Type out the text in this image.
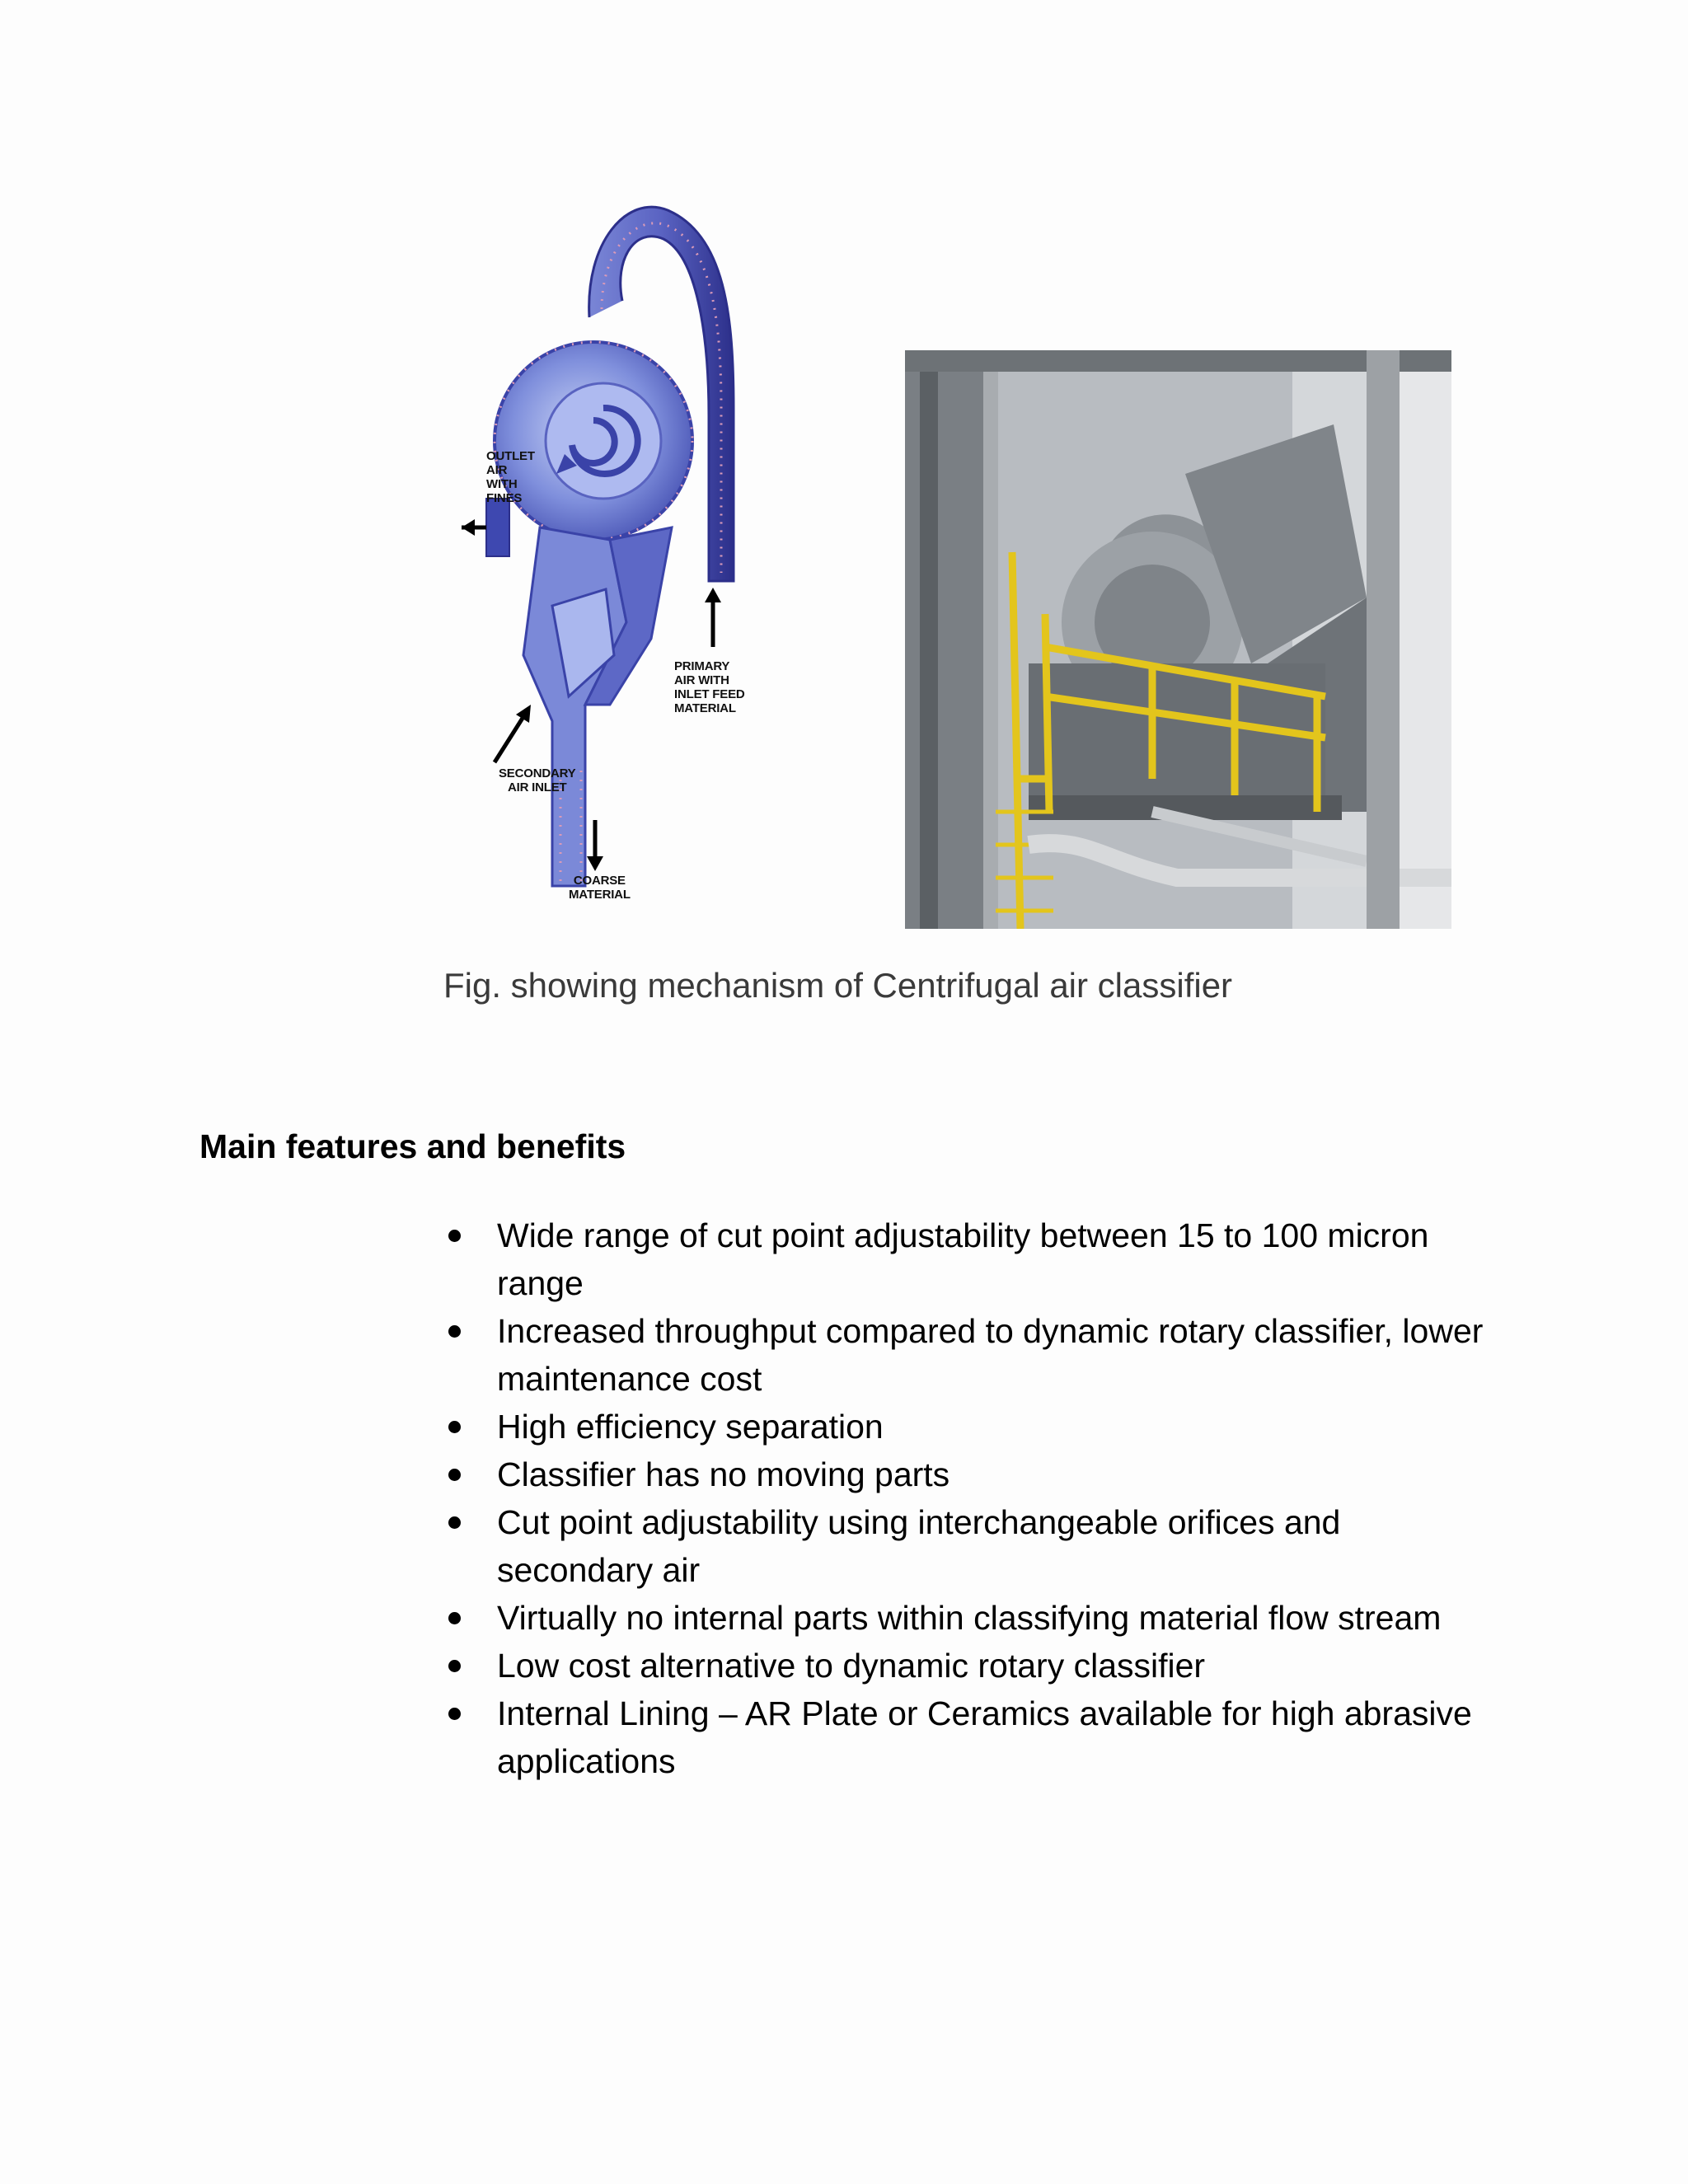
OUTLET
AIR
WITH
FINES
PRIMARY
AIR WITH
INLET FEED
MATERIAL
SECONDARY
AIR INLET
COARSE
MATERIAL
Fig. showing mechanism of Centrifugal air classifier
Main features and benefits
Wide range of cut point adjustability between 15 to 100 micron range
Increased throughput compared to dynamic rotary classifier, lower maintenance cost
High efficiency separation
Classifier has no moving parts
Cut point adjustability using interchangeable orifices and secondary air
Virtually no internal parts within classifying material flow stream
Low cost alternative to dynamic rotary classifier
Internal Lining – AR Plate or Ceramics available for high abrasive applications
